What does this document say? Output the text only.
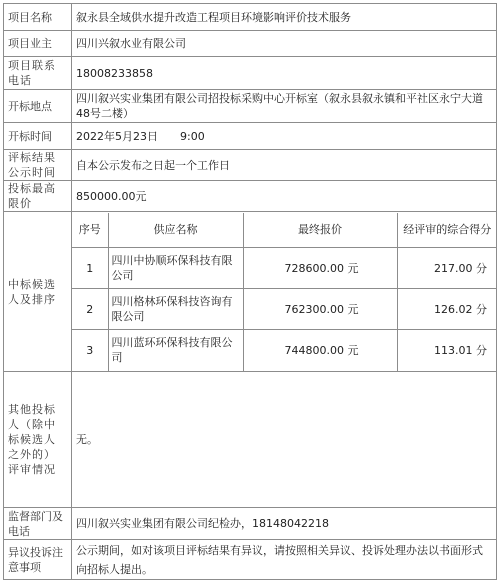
项目名称	叙永县全域供水提升改造工程项目环境影响评价技术服务
项目业主	四川兴叙水业有限公司
项目联系电话	18008233858
开标地点	四川叙兴实业集团有限公司招投标采购中心开标室（叙永县叙永镇和平社区永宁大道48号二楼）
开标时间	2022年5月23日　　9:00
评标结果公示时间	自本公示发布之日起一个工作日
投标最高限价	850000.00元
中标候选人及排序	
序号	供应名称	最终报价	经评审的综合得分
1	四川中协顺环保科技有限公司	728600.00 元	217.00 分
2	四川格林环保科技咨询有限公司	762300.00 元	126.02 分
3	四川蓝环环保科技有限公司	744800.00 元	113.01 分

其他投标人（除中标候选人之外的）评审情况	无。
监督部门及电话	四川叙兴实业集团有限公司纪检办，18148042218
异议投诉注意事项	公示期间，如对该项目评标结果有异议，请按照相关异议、投诉处理办法以书面形式向招标人提出。
